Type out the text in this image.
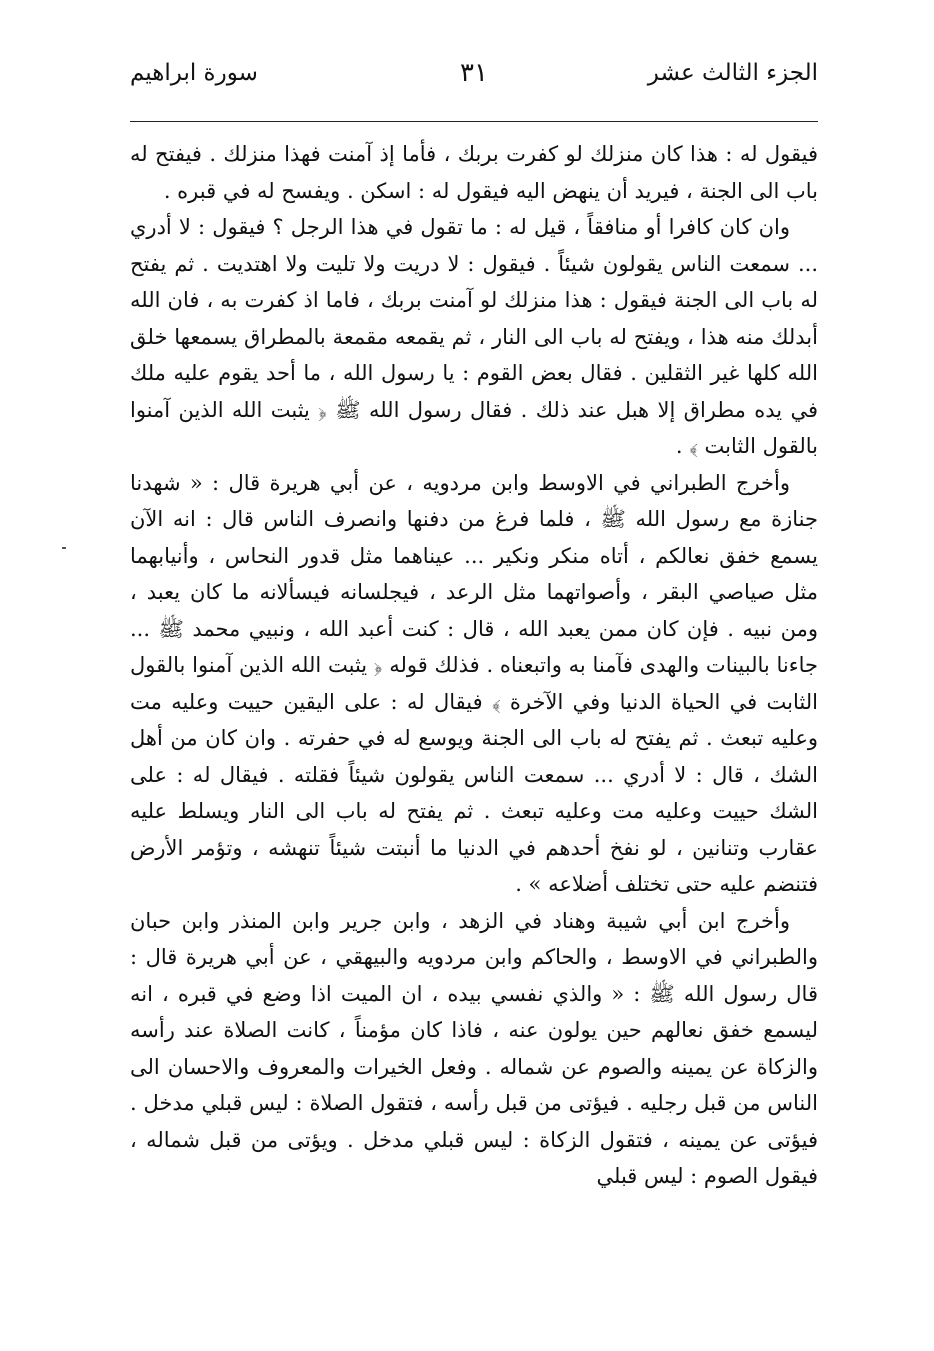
الجزء الثالث عشر
٣١
سورة ابراهيم

فيقول له : هذا كان منزلك لو كفرت بربك ، فأما إذ آمنت فهذا منزلك . فيفتح له باب الى الجنة ، فيريد أن ينهض اليه فيقول له : اسكن . ويفسح له في قبره .

وان كان كافرا أو منافقاً ، قيل له : ما تقول في هذا الرجل ؟ فيقول : لا أدري ... سمعت الناس يقولون شيئاً . فيقول : لا دريت ولا تليت ولا اهتديت . ثم يفتح له باب الى الجنة فيقول : هذا منزلك لو آمنت بربك ، فاما اذ كفرت به ، فان الله أبدلك منه هذا ، ويفتح له باب الى النار ، ثم يقمعه مقمعة بالمطراق يسمعها خلق الله كلها غير الثقلين . فقال بعض القوم : يا رسول الله ، ما أحد يقوم عليه ملك في يده مطراق إلا هبل عند ذلك . فقال رسول الله ﷺ ﴿ يثبت الله الذين آمنوا بالقول الثابت ﴾ .

وأخرج الطبراني في الاوسط وابن مردويه ، عن أبي هريرة قال : « شهدنا جنازة مع رسول الله ﷺ ، فلما فرغ من دفنها وانصرف الناس قال : انه الآن يسمع خفق نعالكم ، أتاه منكر ونكير ... عيناهما مثل قدور النحاس ، وأنيابهما مثل صياصي البقر ، وأصواتهما مثل الرعد ، فيجلسانه فيسألانه ما كان يعبد ، ومن نبيه . فإن كان ممن يعبد الله ، قال : كنت أعبد الله ، ونبيي محمد ﷺ ... جاءنا بالبينات والهدى فآمنا به واتبعناه . فذلك قوله ﴿ يثبت الله الذين آمنوا بالقول الثابت في الحياة الدنيا وفي الآخرة ﴾ فيقال له : على اليقين حييت وعليه مت وعليه تبعث . ثم يفتح له باب الى الجنة ويوسع له في حفرته . وان كان من أهل الشك ، قال : لا أدري ... سمعت الناس يقولون شيئاً فقلته . فيقال له : على الشك حييت وعليه مت وعليه تبعث . ثم يفتح له باب الى النار ويسلط عليه عقارب وتنانين ، لو نفخ أحدهم في الدنيا ما أنبتت شيئاً تنهشه ، وتؤمر الأرض فتنضم عليه حتى تختلف أضلاعه » .

وأخرج ابن أبي شيبة وهناد في الزهد ، وابن جرير وابن المنذر وابن حبان والطبراني في الاوسط ، والحاكم وابن مردويه والبيهقي ، عن أبي هريرة قال : قال رسول الله ﷺ : « والذي نفسي بيده ، ان الميت اذا وضع في قبره ، انه ليسمع خفق نعالهم حين يولون عنه ، فاذا كان مؤمناً ، كانت الصلاة عند رأسه والزكاة عن يمينه والصوم عن شماله . وفعل الخيرات والمعروف والاحسان الى الناس من قبل رجليه . فيؤتى من قبل رأسه ، فتقول الصلاة : ليس قبلي مدخل . فيؤتى عن يمينه ، فتقول الزكاة : ليس قبلي مدخل . ويؤتى من قبل شماله ، فيقول الصوم : ليس قبلي
